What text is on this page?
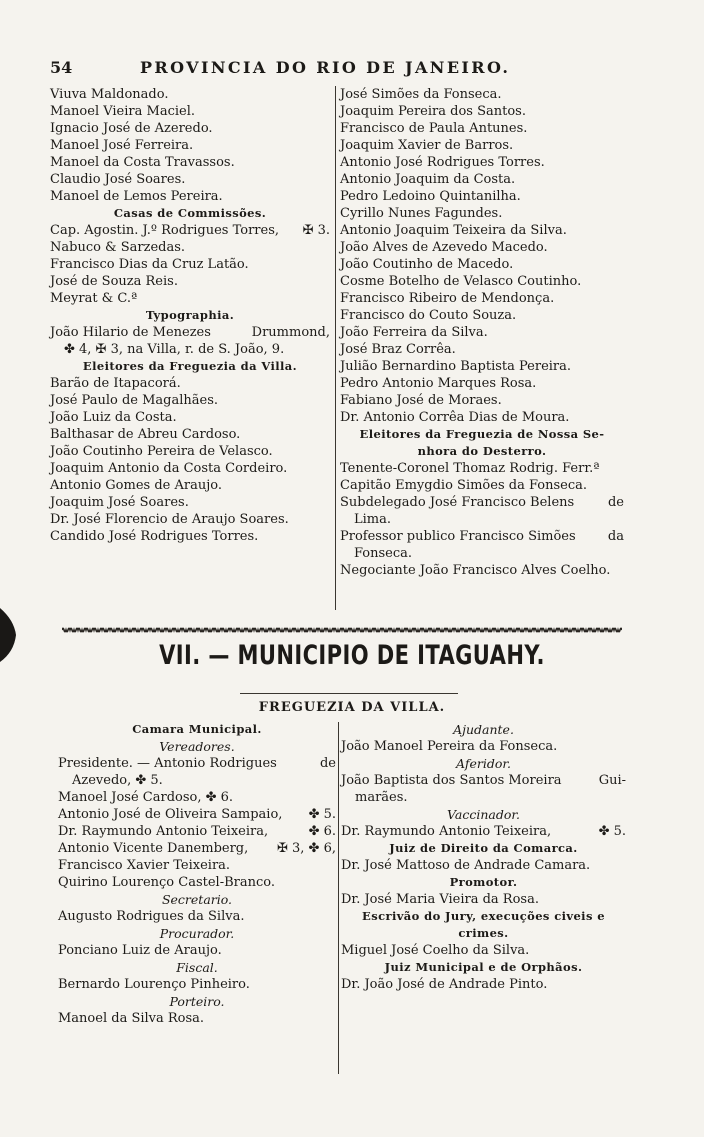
54	PROVINCIA DO RIO DE JANEIRO.
Viuva Maldonado.
Manoel Vieira Maciel.
Ignacio José de Azeredo.
Manoel José Ferreira.
Manoel da Costa Travassos.
Claudio José Soares.
Manoel de Lemos Pereira.
Casas de Commissões.
Cap. Agostin. J.º Rodrigues Torres, ✠ 3.
Nabuco & Sarzedas.
Francisco Dias da Cruz Latão.
José de Souza Reis.
Meyrat & C.ª
Typographia.
João Hilario de Menezes	Drummond,
✤ 4, ✠ 3, na Villa, r. de S. João, 9.
Eleitores da Freguezia da Villa.
Barão de Itapacorá.
José Paulo de Magalhães.
João Luiz da Costa.
Balthasar de Abreu Cardoso.
João Coutinho Pereira de Velasco.
Joaquim Antonio da Costa Cordeiro.
Antonio Gomes de Araujo.
Joaquim José Soares.
Dr. José Florencio de Araujo Soares.
Candido José Rodrigues Torres.
José Simões da Fonseca.
Joaquim Pereira dos Santos.
Francisco de Paula Antunes.
Joaquim Xavier de Barros.
Antonio José Rodrigues Torres.
Antonio Joaquim da Costa.
Pedro Ledoino Quintanilha.
Cyrillo Nunes Fagundes.
Antonio Joaquim Teixeira da Silva.
João Alves de Azevedo Macedo.
João Coutinho de Macedo.
Cosme Botelho de Velasco Coutinho.
Francisco Ribeiro de Mendonça.
Francisco do Couto Souza.
João Ferreira da Silva.
José Braz Corrêa.
Julião Bernardino Baptista Pereira.
Pedro Antonio Marques Rosa.
Fabiano José de Moraes.
Dr. Antonio Corrêa Dias de Moura.
Eleitores da Freguezia de Nossa Se-
nhora do Desterro.
Tenente-Coronel Thomaz Rodrig. Ferr.ª
Capitão Emygdio Simões da Fonseca.
Subdelegado José Francisco Belens	de
Lima.
Professor publico Francisco Simões da
Fonseca.
Negociante João Francisco Alves Coelho.
VII. — MUNICIPIO DE ITAGUAHY.
FREGUEZIA DA VILLA.
Camara Municipal.
Vereadores.
Presidente. — Antonio Rodrigues	de
Azevedo, ✤ 5.
Manoel José Cardoso, ✤ 6.
Antonio José de Oliveira Sampaio, ✤ 5.
Dr. Raymundo Antonio Teixeira,	✤ 6.
Antonio Vicente Danemberg, ✠ 3, ✤ 6,
Francisco Xavier Teixeira.
Quirino Lourenço Castel-Branco.
Secretario.
Augusto Rodrigues da Silva.
Procurador.
Ponciano Luiz de Araujo.
Fiscal.
Bernardo Lourenço Pinheiro.
Porteiro.
Manoel da Silva Rosa.
Ajudante.
João Manoel Pereira da Fonseca.
Aferidor.
João Baptista dos Santos Moreira	Gui-
marães.
Vaccinador.
Dr. Raymundo Antonio Teixeira,	✤ 5.
Juiz de Direito da Comarca.
Dr. José Mattoso de Andrade Camara.
Promotor.
Dr. José Maria Vieira da Rosa.
Escrivão do Jury, execuções civeis e
crimes.
Miguel José Coelho da Silva.
Juiz Municipal e de Orphãos.
Dr. João José de Andrade Pinto.
